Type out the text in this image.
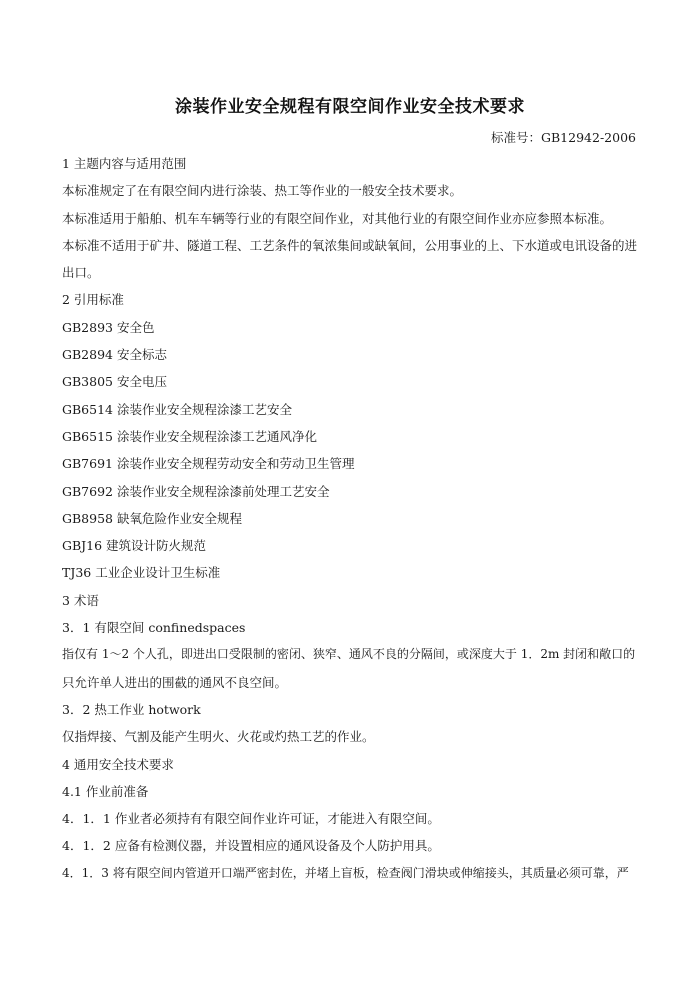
涂装作业安全规程有限空间作业安全技术要求
标准号：GB12942-2006
1 主题内容与适用范围
本标准规定了在有限空间内进行涂装、热工等作业的一般安全技术要求。
本标准适用于船舶、机车车辆等行业的有限空间作业，对其他行业的有限空间作业亦应参照本标准。
本标准不适用于矿井、隧道工程、工艺条件的氧浓集间或缺氧间，公用事业的上、下水道或电讯设备的进
出口。
2 引用标准
GB2893 安全色
GB2894 安全标志
GB3805 安全电压
GB6514 涂装作业安全规程涂漆工艺安全
GB6515 涂装作业安全规程涂漆工艺通风净化
GB7691 涂装作业安全规程劳动安全和劳动卫生管理
GB7692 涂装作业安全规程涂漆前处理工艺安全
GB8958 缺氧危险作业安全规程
GBJ16 建筑设计防火规范
TJ36 工业企业设计卫生标准
3 术语
3．1 有限空间 confinedspaces
指仅有 1～2 个人孔，即进出口受限制的密闭、狭窄、通风不良的分隔间，或深度大于 1．2m 封闭和敞口的
只允许单人进出的围截的通风不良空间。
3．2 热工作业 hotwork
仅指焊接、气割及能产生明火、火花或灼热工艺的作业。
4 通用安全技术要求
4.1 作业前准备
4．1．1 作业者必须持有有限空间作业许可证，才能进入有限空间。
4．1．2 应备有检测仪器，并设置相应的通风设备及个人防护用具。
4．1．3 将有限空间内管道开口端严密封佐，并堵上盲板，检查阀门滑块或伸缩接头，其质量必须可靠，严
